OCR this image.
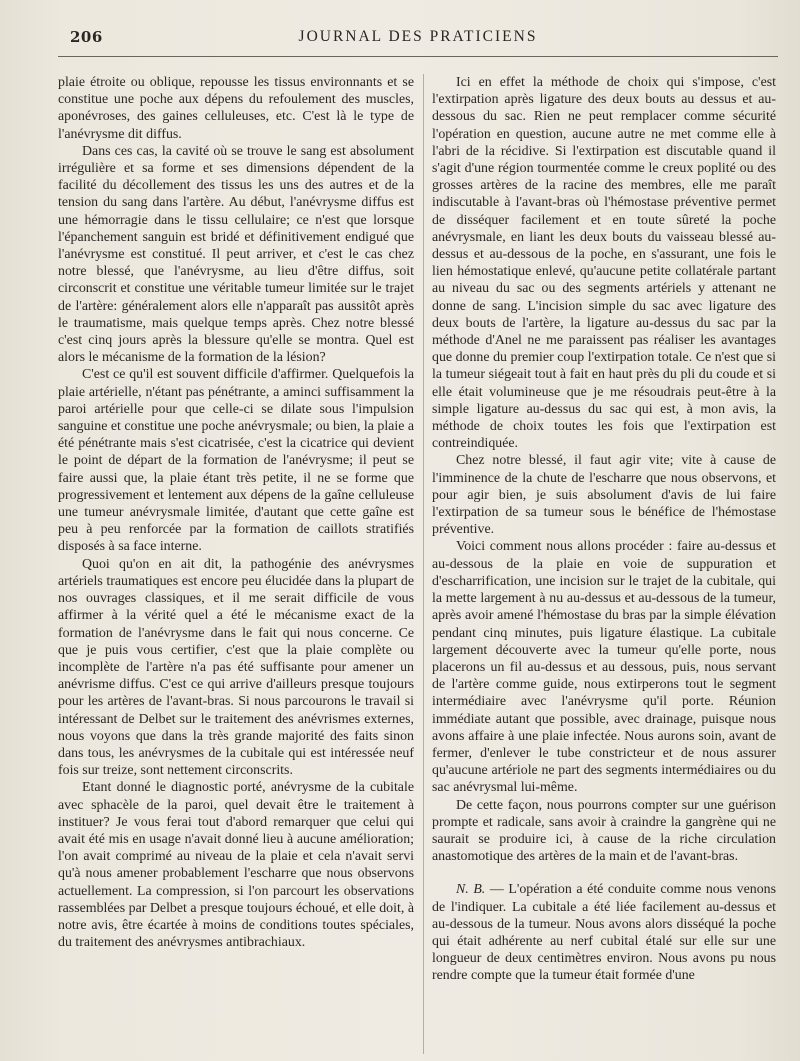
206	JOURNAL DES PRATICIENS

plaie étroite ou oblique, repousse les tissus environnants et se constitue une poche aux dépens du refoulement des muscles, aponévroses, des gaines celluleuses, etc. C'est là le type de l'anévrysme dit diffus.

Dans ces cas, la cavité où se trouve le sang est absolument irrégulière et sa forme et ses dimensions dépendent de la facilité du décollement des tissus les uns des autres et de la tension du sang dans l'artère. Au début, l'anévrysme diffus est une hémorragie dans le tissu cellulaire; ce n'est que lorsque l'épanchement sanguin est bridé et définitivement endigué que l'anévrysme est constitué. Il peut arriver, et c'est le cas chez notre blessé, que l'anévrysme, au lieu d'être diffus, soit circonscrit et constitue une véritable tumeur limitée sur le trajet de l'artère: généralement alors elle n'apparaît pas aussitôt après le traumatisme, mais quelque temps après. Chez notre blessé c'est cinq jours après la blessure qu'elle se montra. Quel est alors le mécanisme de la formation de la lésion?

C'est ce qu'il est souvent difficile d'affirmer. Quelquefois la plaie artérielle, n'étant pas pénétrante, a aminci suffisamment la paroi artérielle pour que celle-ci se dilate sous l'impulsion sanguine et constitue une poche anévrysmale; ou bien, la plaie a été pénétrante mais s'est cicatrisée, c'est la cicatrice qui devient le point de départ de la formation de l'anévrysme; il peut se faire aussi que, la plaie étant très petite, il ne se forme que progressivement et lentement aux dépens de la gaîne celluleuse une tumeur anévrysmale limitée, d'autant que cette gaîne est peu à peu renforcée par la formation de caillots stratifiés disposés à sa face interne.

Quoi qu'on en ait dit, la pathogénie des anévrysmes artériels traumatiques est encore peu élucidée dans la plupart de nos ouvrages classiques, et il me serait difficile de vous affirmer à la vérité quel a été le mécanisme exact de la formation de l'anévrysme dans le fait qui nous concerne. Ce que je puis vous certifier, c'est que la plaie complète ou incomplète de l'artère n'a pas été suffisante pour amener un anévrisme diffus. C'est ce qui arrive d'ailleurs presque toujours pour les artères de l'avant-bras. Si nous parcourons le travail si intéressant de Delbet sur le traitement des anévrismes externes, nous voyons que dans la très grande majorité des faits sinon dans tous, les anévrysmes de la cubitale qui est intéressée neuf fois sur treize, sont nettement circonscrits.

Etant donné le diagnostic porté, anévrysme de la cubitale avec sphacèle de la paroi, quel devait être le traitement à instituer? Je vous ferai tout d'abord remarquer que celui qui avait été mis en usage n'avait donné lieu à aucune amélioration; l'on avait comprimé au niveau de la plaie et cela n'avait servi qu'à nous amener probablement l'escharre que nous observons actuellement. La compression, si l'on parcourt les observations rassemblées par Delbet a presque toujours échoué, et elle doit, à notre avis, être écartée à moins de conditions toutes spéciales, du traitement des anévrysmes antibrachiaux.

Ici en effet la méthode de choix qui s'impose, c'est l'extirpation après ligature des deux bouts au dessus et au-dessous du sac. Rien ne peut remplacer comme sécurité l'opération en question, aucune autre ne met comme elle à l'abri de la récidive. Si l'extirpation est discutable quand il s'agit d'une région tourmentée comme le creux poplité ou des grosses artères de la racine des membres, elle me paraît indiscutable à l'avant-bras où l'hémostase préventive permet de disséquer facilement et en toute sûreté la poche anévrysmale, en liant les deux bouts du vaisseau blessé au-dessus et au-dessous de la poche, en s'assurant, une fois le lien hémostatique enlevé, qu'aucune petite collatérale partant au niveau du sac ou des segments artériels y attenant ne donne de sang. L'incision simple du sac avec ligature des deux bouts de l'artère, la ligature au-dessus du sac par la méthode d'Anel ne me paraissent pas réaliser les avantages que donne du premier coup l'extirpation totale. Ce n'est que si la tumeur siégeait tout à fait en haut près du pli du coude et si elle était volumineuse que je me résoudrais peut-être à la simple ligature au-dessus du sac qui est, à mon avis, la méthode de choix toutes les fois que l'extirpation est contreindiquée.

Chez notre blessé, il faut agir vite; vite à cause de l'imminence de la chute de l'escharre que nous observons, et pour agir bien, je suis absolument d'avis de lui faire l'extirpation de sa tumeur sous le bénéfice de l'hémostase préventive.

Voici comment nous allons procéder : faire au-dessus et au-dessous de la plaie en voie de suppuration et d'escharrification, une incision sur le trajet de la cubitale, qui la mette largement à nu au-dessus et au-dessous de la tumeur, après avoir amené l'hémostase du bras par la simple élévation pendant cinq minutes, puis ligature élastique. La cubitale largement découverte avec la tumeur qu'elle porte, nous placerons un fil au-dessus et au dessous, puis, nous servant de l'artère comme guide, nous extirperons tout le segment intermédiaire avec l'anévrysme qu'il porte. Réunion immédiate autant que possible, avec drainage, puisque nous avons affaire à une plaie infectée. Nous aurons soin, avant de fermer, d'enlever le tube constricteur et de nous assurer qu'aucune artériole ne part des segments intermédiaires ou du sac anévrysmal lui-même.

De cette façon, nous pourrons compter sur une guérison prompte et radicale, sans avoir à craindre la gangrène qui ne saurait se produire ici, à cause de la riche circulation anastomotique des artères de la main et de l'avant-bras.

N. B. — L'opération a été conduite comme nous venons de l'indiquer. La cubitale a été liée facilement au-dessus et au-dessous de la tumeur. Nous avons alors disséqué la poche qui était adhérente au nerf cubital étalé sur elle sur une longueur de deux centimètres environ. Nous avons pu nous rendre compte que la tumeur était formée d'une
